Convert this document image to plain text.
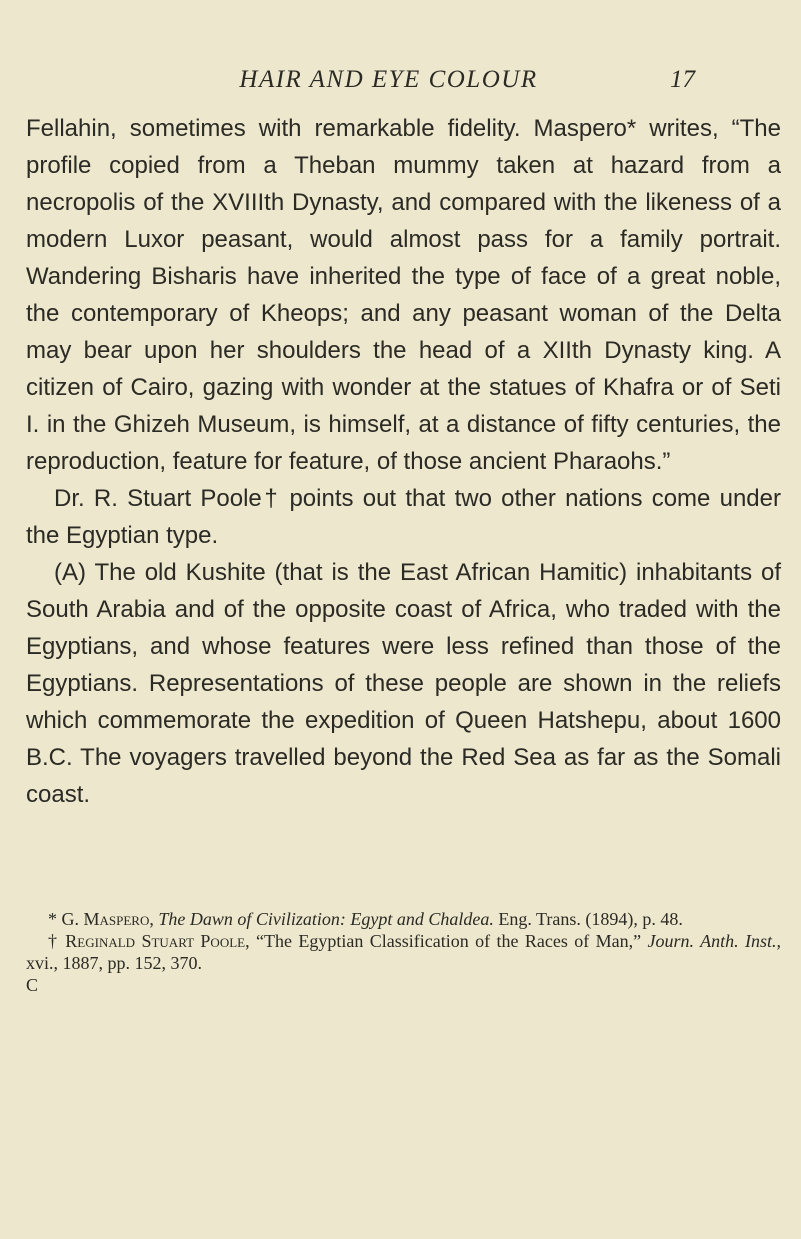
HAIR AND EYE COLOUR	17

Fellahin, sometimes with remarkable fidelity. Maspero* writes, “The profile copied from a Theban mummy taken at hazard from a necropolis of the XVIIIth Dynasty, and compared with the likeness of a modern Luxor peasant, would almost pass for a family portrait. Wandering Bisharis have inherited the type of face of a great noble, the contemporary of Kheops; and any peasant woman of the Delta may bear upon her shoulders the head of a XIIth Dynasty king. A citizen of Cairo, gazing with wonder at the statues of Khafra or of Seti I. in the Ghizeh Museum, is himself, at a distance of fifty centuries, the reproduction, feature for feature, of those ancient Pharaohs.”

Dr. R. Stuart Poole† points out that two other nations come under the Egyptian type.

(A) The old Kushite (that is the East African Hamitic) inhabitants of South Arabia and of the opposite coast of Africa, who traded with the Egyptians, and whose features were less refined than those of the Egyptians. Representations of these people are shown in the reliefs which commemorate the expedition of Queen Hatshepu, about 1600 B.C. The voyagers travelled beyond the Red Sea as far as the Somali coast.

* G. Maspero, The Dawn of Civilization: Egypt and Chaldea. Eng. Trans. (1894), p. 48.

† Reginald Stuart Poole, “The Egyptian Classification of the Races of Man,” Journ. Anth. Inst., xvi., 1887, pp. 152, 370.

C
